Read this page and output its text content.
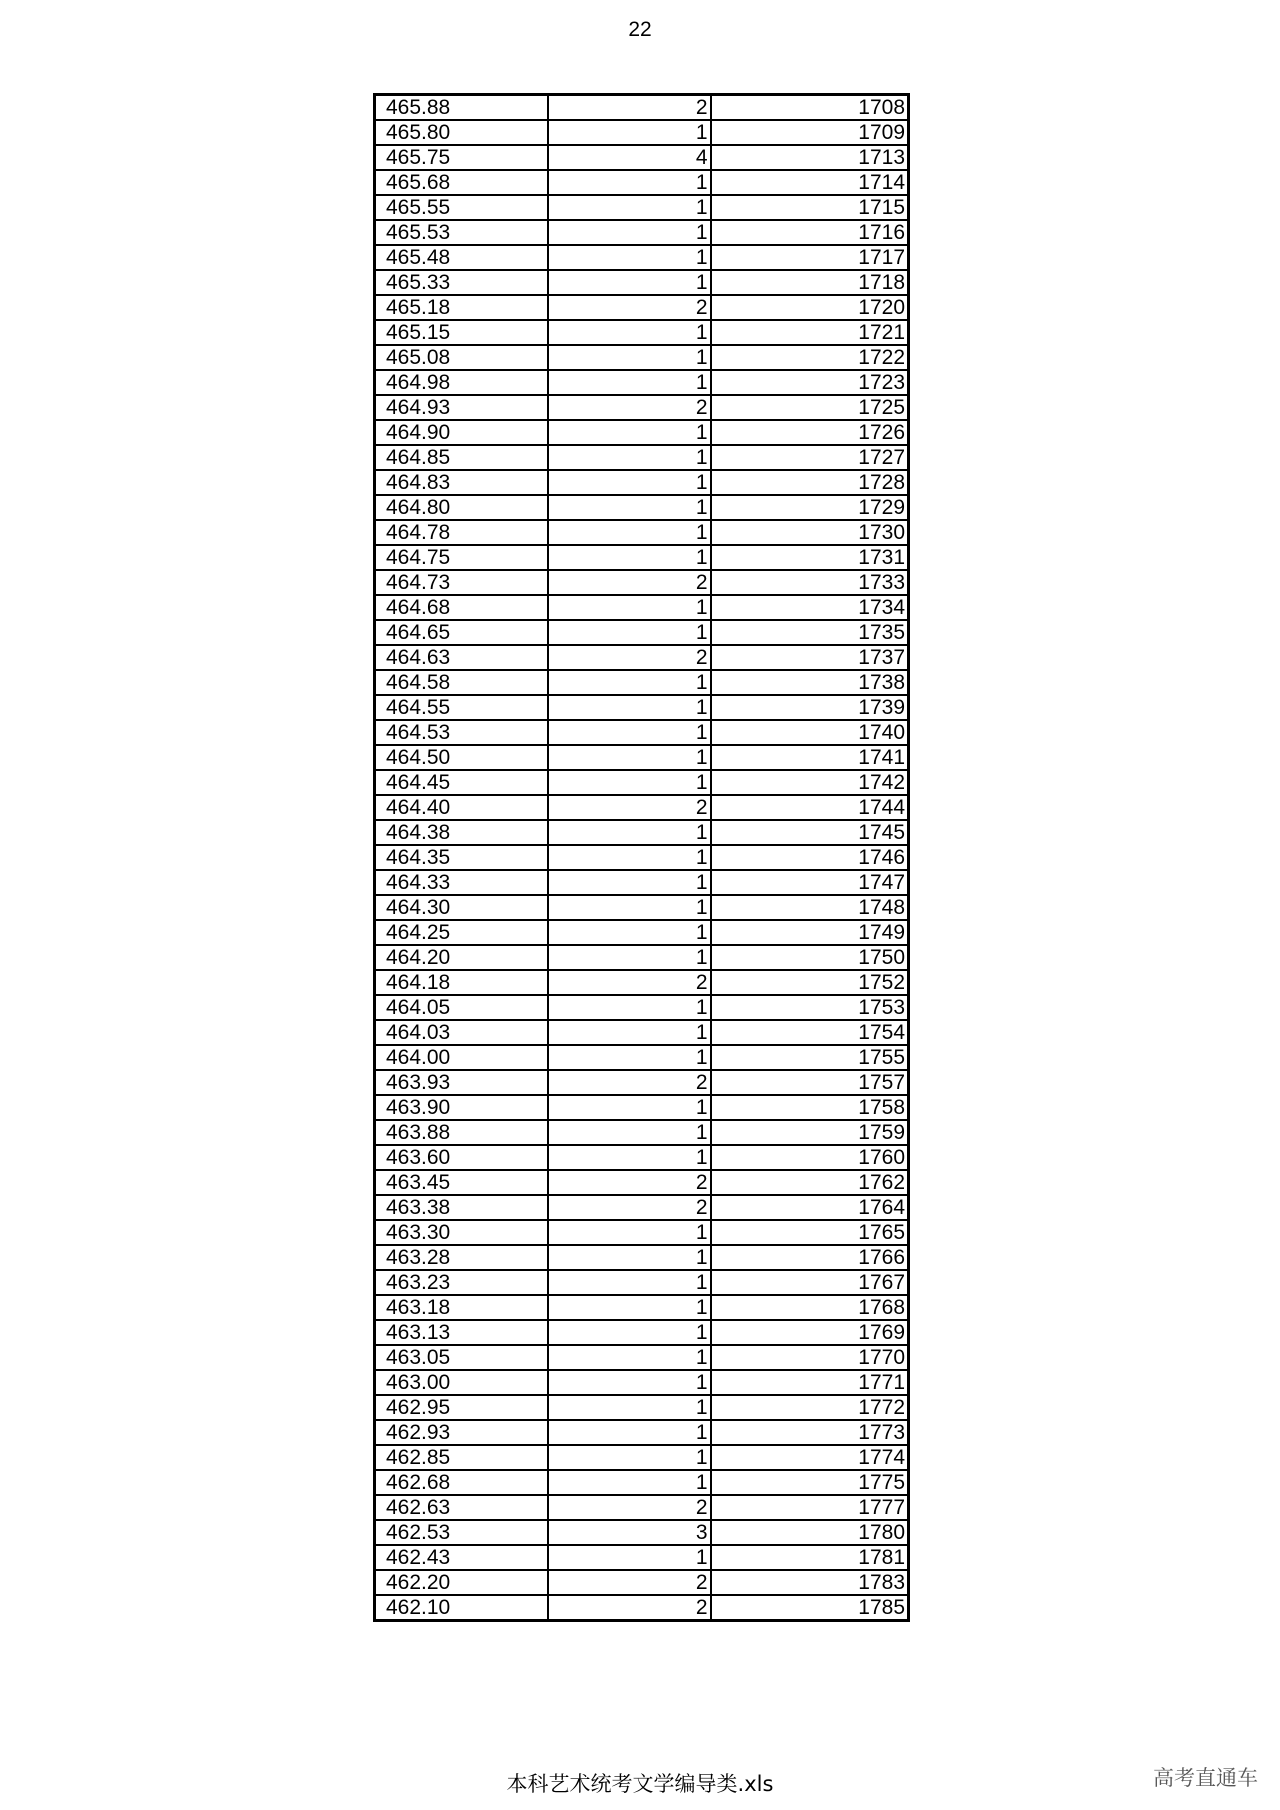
22
465.88	2	1708
465.80	1	1709
465.75	4	1713
465.68	1	1714
465.55	1	1715
465.53	1	1716
465.48	1	1717
465.33	1	1718
465.18	2	1720
465.15	1	1721
465.08	1	1722
464.98	1	1723
464.93	2	1725
464.90	1	1726
464.85	1	1727
464.83	1	1728
464.80	1	1729
464.78	1	1730
464.75	1	1731
464.73	2	1733
464.68	1	1734
464.65	1	1735
464.63	2	1737
464.58	1	1738
464.55	1	1739
464.53	1	1740
464.50	1	1741
464.45	1	1742
464.40	2	1744
464.38	1	1745
464.35	1	1746
464.33	1	1747
464.30	1	1748
464.25	1	1749
464.20	1	1750
464.18	2	1752
464.05	1	1753
464.03	1	1754
464.00	1	1755
463.93	2	1757
463.90	1	1758
463.88	1	1759
463.60	1	1760
463.45	2	1762
463.38	2	1764
463.30	1	1765
463.28	1	1766
463.23	1	1767
463.18	1	1768
463.13	1	1769
463.05	1	1770
463.00	1	1771
462.95	1	1772
462.93	1	1773
462.85	1	1774
462.68	1	1775
462.63	2	1777
462.53	3	1780
462.43	1	1781
462.20	2	1783
462.10	2	1785
本科艺术统考文学编导类.xls	高考直通车
